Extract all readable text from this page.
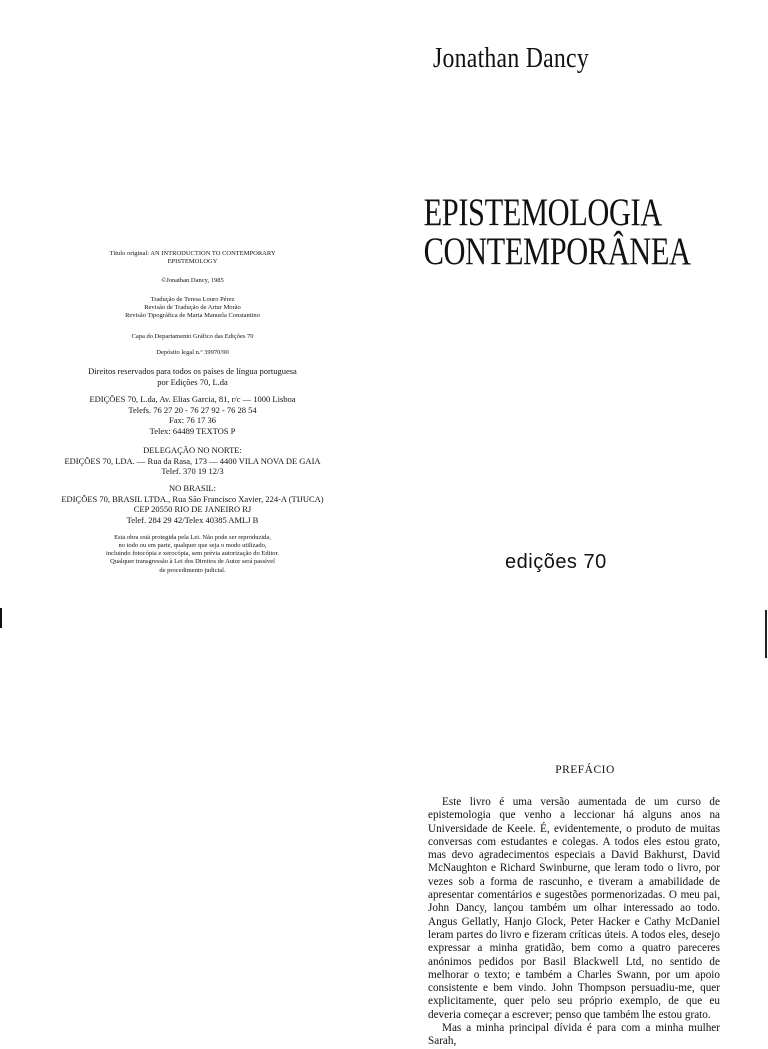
Jonathan Dancy
EPISTEMOLOGIA
CONTEMPORÂNEA
edições 70
Título original: AN INTRODUCTION TO CONTEMPORARY
EPISTEMOLOGY
©Jonathan Dancy, 1985
Tradução de Teresa Louro Pérez
Revisão de Tradução de Artur Morão
Revisão Tipográfica de Maria Manuela Constantino
Capa do Departamento Gráfico das Edições 70
Depósito legal n.º 39970/90
Direitos reservados para todos os países de língua portuguesa
por Edições 70, L.da
EDIÇÕES 70, L.da, Av. Elias Garcia, 81, r/c — 1000 Lisboa
Telefs. 76 27 20 - 76 27 92 - 76 28 54
Fax: 76 17 36
Telex: 64489 TEXTOS P
DELEGAÇÃO NO NORTE:
EDIÇÕES 70, LDA. — Rua da Rasa, 173 — 4400 VILA NOVA DE GAIA
Telef. 370 19 12/3
NO BRASIL:
EDIÇÕES 70, BRASIL LTDA., Rua São Francisco Xavier, 224-A (TIJUCA)
CEP 20550 RIO DE JANEIRO RJ
Telef. 284 29 42/Telex 40385 AMLJ B
Esta obra está protegida pela Lei. Não pode ser reproduzida,
no todo ou em parte, qualquer que seja o modo utilizado,
incluindo fotocópia e xerocópia, sem prévia autorização do Editor.
Qualquer transgressão à Lei dos Direitos de Autor será passível
de procedimento judicial.
PREFÁCIO

Este livro é uma versão aumentada de um curso de epistemologia que venho a leccionar há alguns anos na Universidade de Keele. É, evidentemente, o produto de muitas conversas com estudantes e colegas. A todos eles estou grato, mas devo agradecimentos especiais a David Bakhurst, David McNaughton e Richard Swinburne, que leram todo o livro, por vezes sob a forma de rascunho, e tiveram a amabilidade de apresentar comentários e sugestões pormenorizadas. O meu pai, John Dancy, lançou também um olhar interessado ao todo. Angus Gellatly, Hanjo Glock, Peter Hacker e Cathy McDaniel leram partes do livro e fizeram críticas úteis. A todos eles, desejo expressar a minha gratidão, bem como a quatro pareceres anónimos pedidos por Basil Blackwell Ltd, no sentido de melhorar o texto; e também a Charles Swann, por um apoio consistente e bem vindo. John Thompson persuadiu-me, quer explicitamente, quer pelo seu próprio exemplo, de que eu deveria começar a escrever; penso que também lhe estou grato.

Mas a minha principal dívida é para com a minha mulher Sarah,
